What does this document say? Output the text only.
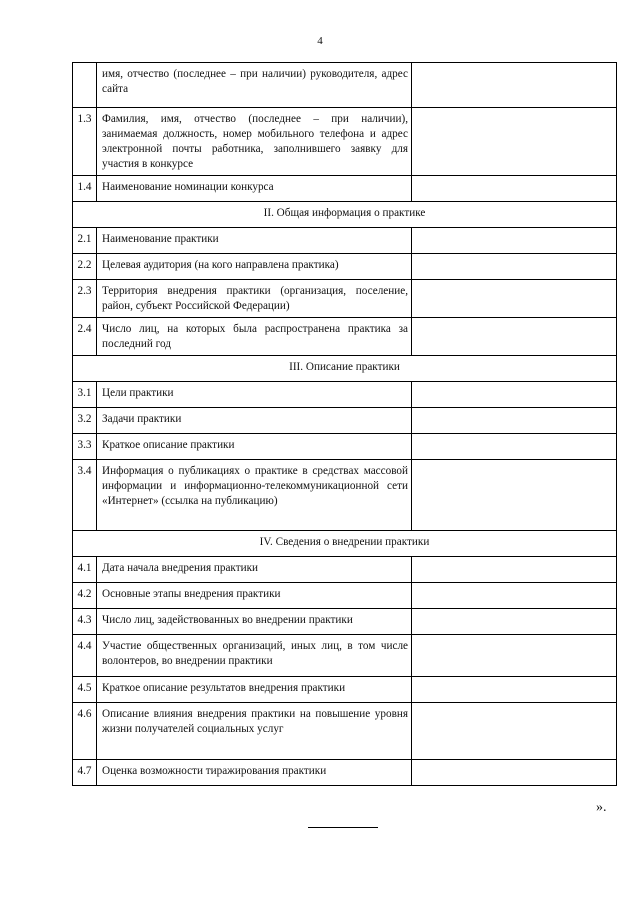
4
	имя, отчество (последнее – при наличии) руководителя, адрес сайта	
1.3	Фамилия, имя, отчество (последнее – при наличии), занимаемая должность, номер мобильного телефона и адрес электронной почты работника, заполнившего заявку для участия в конкурсе	
1.4	Наименование номинации конкурса	
II. Общая информация о практике		
2.1	Наименование практики	
2.2	Целевая аудитория (на кого направлена практика)	
2.3	Территория внедрения практики (организация, поселение, район, субъект Российской Федерации)	
2.4	Число лиц, на которых была распространена практика за последний год	
III. Описание практики		
3.1	Цели практики	
3.2	Задачи практики	
3.3	Краткое описание практики	
3.4	Информация о публикациях о практике в средствах массовой информации и информационно-телекоммуникационной сети «Интернет» (ссылка на публикацию)	
IV. Сведения о внедрении практики		
4.1	Дата начала внедрения практики	
4.2	Основные этапы внедрения практики	
4.3	Число лиц, задействованных во внедрении практики	
4.4	Участие общественных организаций, иных лиц, в том числе волонтеров, во внедрении практики	
4.5	Краткое описание результатов внедрения практики	
4.6	Описание влияния внедрения практики на повышение уровня жизни получателей социальных услуг	
4.7	Оценка возможности тиражирования практики	
».
